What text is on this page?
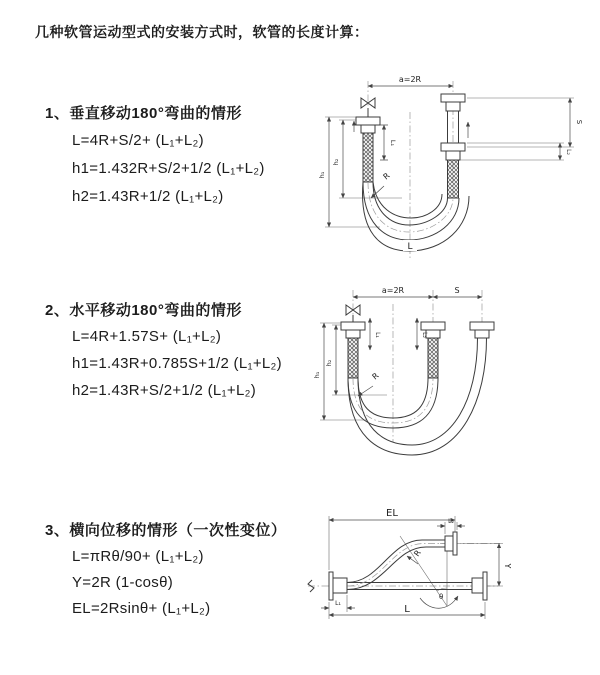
几种软管运动型式的安装方式时，软管的长度计算：
1、垂直移动180°弯曲的情形
L=4R+S/2+ (L₁+L₂)
h1=1.432R+S/2+1/2 (L₁+L₂)
h2=1.43R+1/2 (L₁+L₂)
2、水平移动180°弯曲的情形
L=4R+1.57S+ (L₁+L₂)
h1=1.43R+0.785S+1/2 (L₁+L₂)
h2=1.43R+S/2+1/2 (L₁+L₂)
3、横向位移的情形（一次性变位）
L=πRθ/90+ (L₁+L₂)
Y=2R (1-cosθ)
EL=2Rsinθ+ (L₁+L₂)
a=2R
L₁
S
L₂
h₁
h₂
R
L
a=2R	S
L₁	L₂
h₁
h₂
R
θ
EL
L₂
Y
L
L₁
R
